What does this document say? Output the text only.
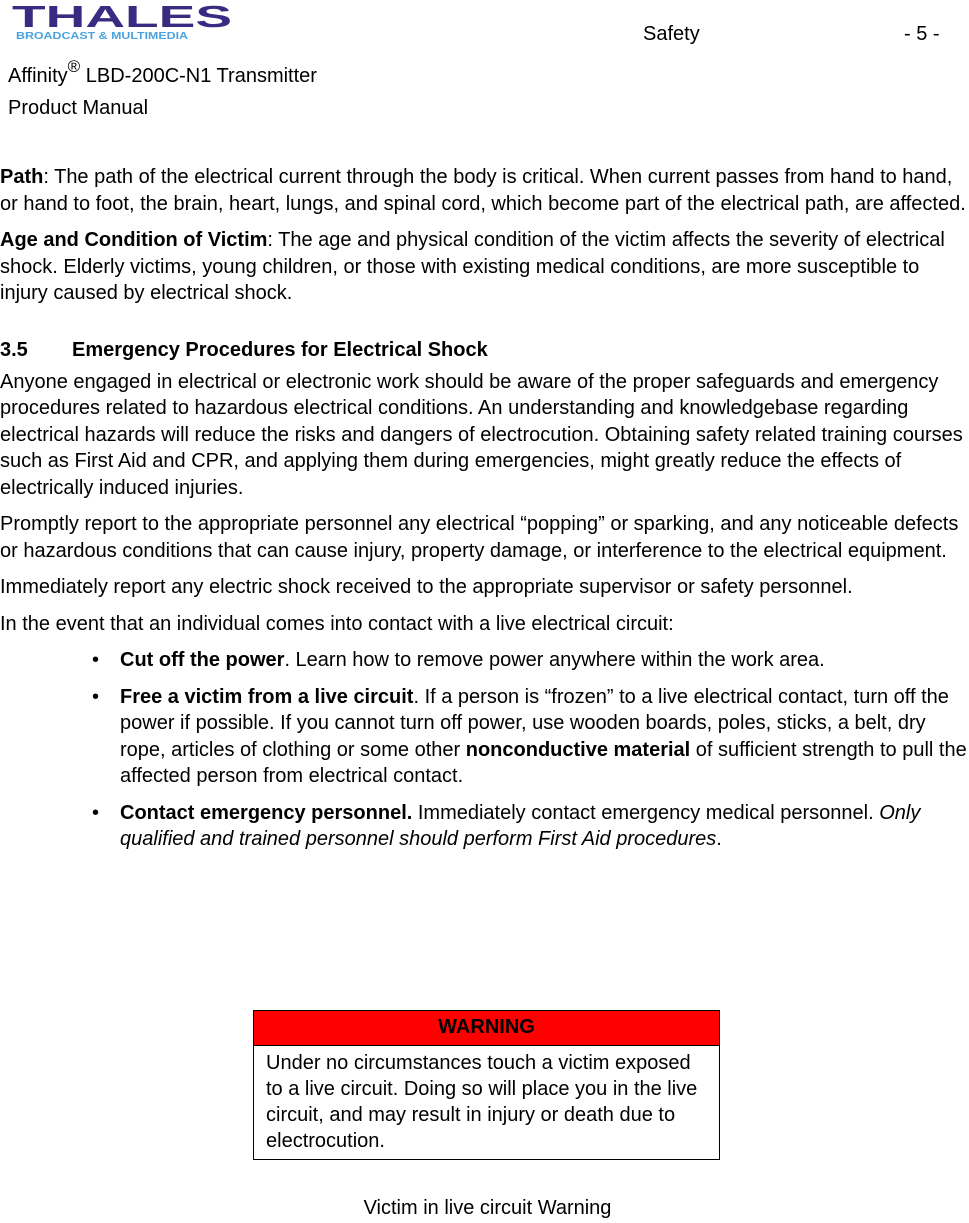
THALES
BROADCAST & MULTIMEDIA	Safety	- 5 -
Affinity® LBD-200C-N1 Transmitter
Product Manual

Path: The path of the electrical current through the body is critical. When current passes from hand to hand, or hand to foot, the brain, heart, lungs, and spinal cord, which become part of the electrical path, are affected.

Age and Condition of Victim: The age and physical condition of the victim affects the severity of electrical shock. Elderly victims, young children, or those with existing medical conditions, are more susceptible to injury caused by electrical shock.

3.5	Emergency Procedures for Electrical Shock

Anyone engaged in electrical or electronic work should be aware of the proper safeguards and emergency procedures related to hazardous electrical conditions. An understanding and knowledgebase regarding electrical hazards will reduce the risks and dangers of electrocution. Obtaining safety related training courses such as First Aid and CPR, and applying them during emergencies, might greatly reduce the effects of electrically induced injuries.

Promptly report to the appropriate personnel any electrical “popping” or sparking, and any noticeable defects or hazardous conditions that can cause injury, property damage, or interference to the electrical equipment.

Immediately report any electric shock received to the appropriate supervisor or safety personnel.

In the event that an individual comes into contact with a live electrical circuit:

• Cut off the power. Learn how to remove power anywhere within the work area.
• Free a victim from a live circuit. If a person is “frozen” to a live electrical contact, turn off the power if possible. If you cannot turn off power, use wooden boards, poles, sticks, a belt, dry rope, articles of clothing or some other nonconductive material of sufficient strength to pull the affected person from electrical contact.
• Contact emergency personnel. Immediately contact emergency medical personnel. Only qualified and trained personnel should perform First Aid procedures.
WARNING
Under no circumstances touch a victim exposed to a live circuit. Doing so will place you in the live circuit, and may result in injury or death due to electrocution.
Victim in live circuit Warning
